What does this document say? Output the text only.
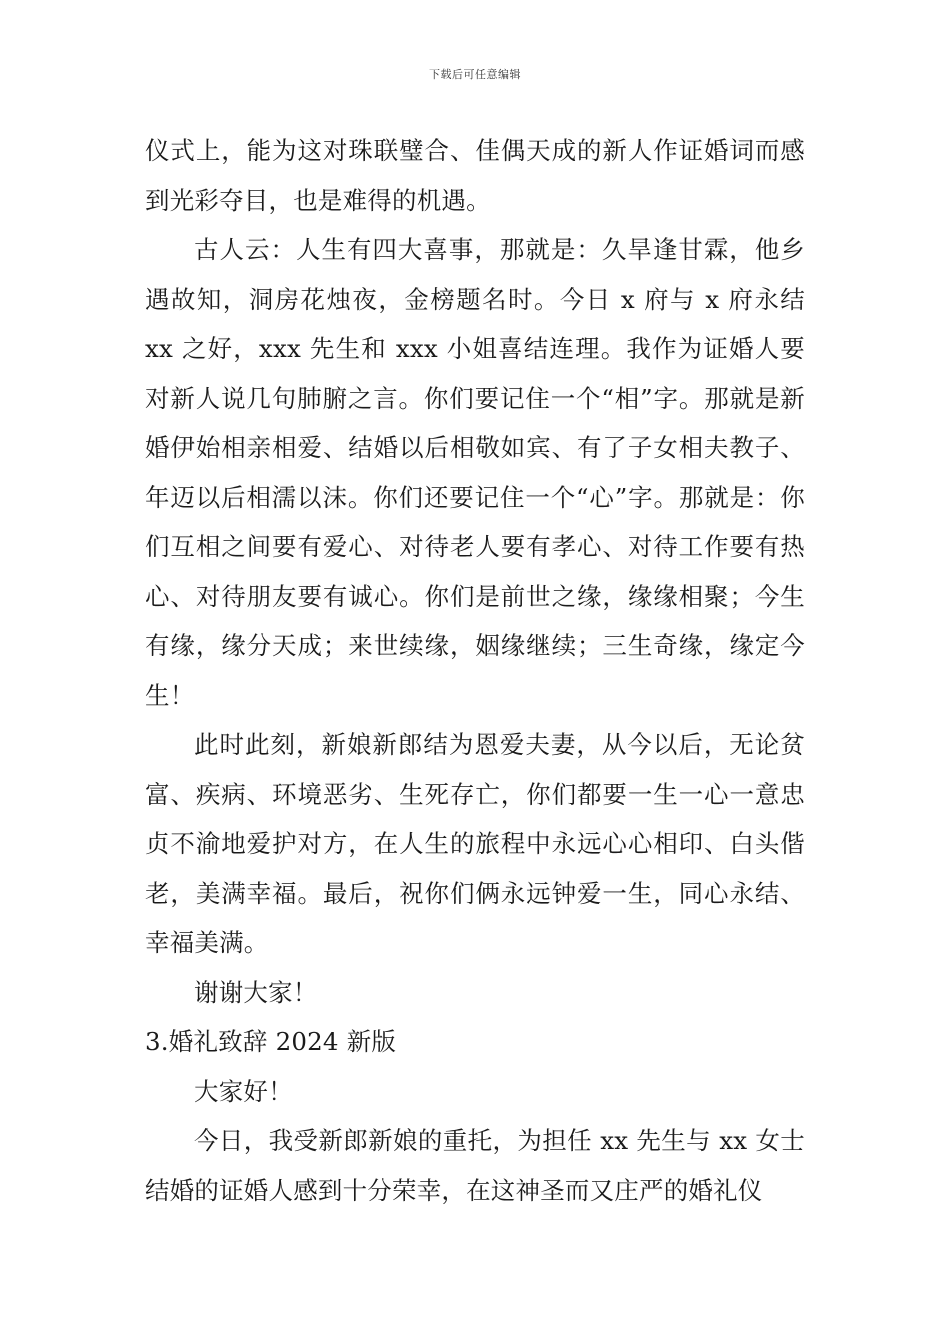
下载后可任意编辑

仪式上，能为这对珠联璧合、佳偶天成的新人作证婚词而感到光彩夺目，也是难得的机遇。

古人云：人生有四大喜事，那就是：久旱逢甘霖，他乡遇故知，洞房花烛夜，金榜题名时。今日 x 府与 x 府永结 xx 之好，xxx 先生和 xxx 小姐喜结连理。我作为证婚人要对新人说几句肺腑之言。你们要记住一个“相”字。那就是新婚伊始相亲相爱、结婚以后相敬如宾、有了子女相夫教子、年迈以后相濡以沫。你们还要记住一个“心”字。那就是：你们互相之间要有爱心、对待老人要有孝心、对待工作要有热心、对待朋友要有诚心。你们是前世之缘，缘缘相聚；今生有缘，缘分天成；来世续缘，姻缘继续；三生奇缘，缘定今生！

此时此刻，新娘新郎结为恩爱夫妻，从今以后，无论贫富、疾病、环境恶劣、生死存亡，你们都要一生一心一意忠贞不渝地爱护对方，在人生的旅程中永远心心相印、白头偕老，美满幸福。最后，祝你们俩永远钟爱一生，同心永结、幸福美满。

谢谢大家！

3.婚礼致辞 2024 新版

大家好！

今日，我受新郎新娘的重托，为担任 xx 先生与 xx 女士结婚的证婚人感到十分荣幸，在这神圣而又庄严的婚礼仪
